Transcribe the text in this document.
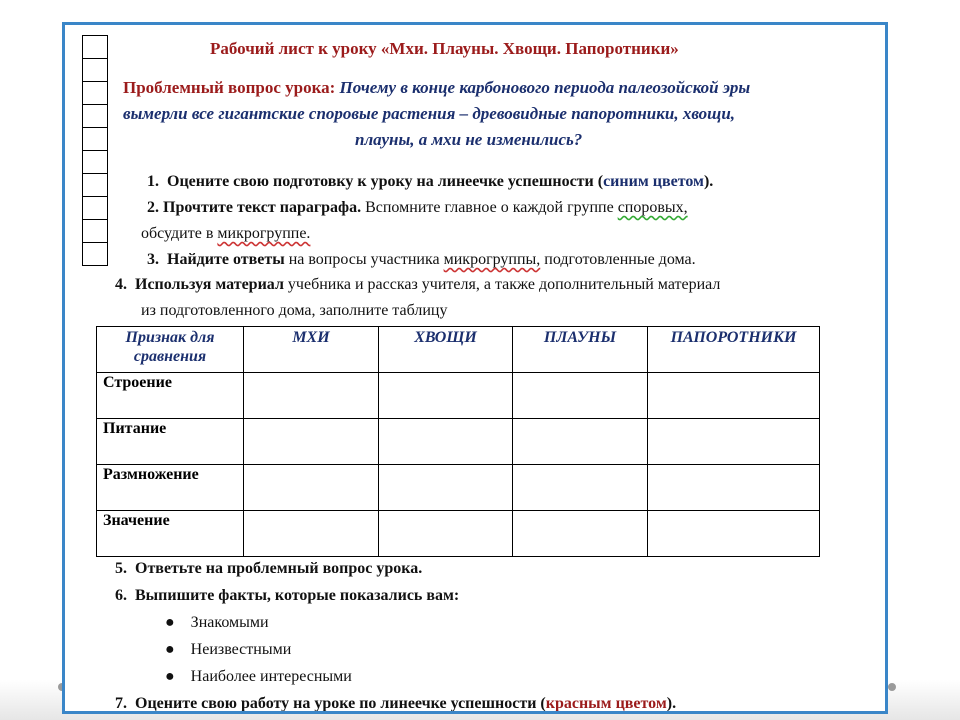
Рабочий лист к уроку «Мхи. Плауны. Хвощи. Папоротники»
Проблемный вопрос урока: Почему в конце карбонового периода палеозойской эры
вымерли все гигантские споровые растения – древовидные папоротники, хвощи,
плауны, а мхи не изменились?
1. Оцените свою подготовку к уроку на линеечке успешности (синим цветом).
2. Прочтите текст параграфа. Вспомните главное о каждой группе споровых,
обсудите в микрогруппе.
3. Найдите ответы на вопросы участника микрогруппы, подготовленные дома.
4. Используя материал учебника и рассказ учителя, а также дополнительный материал
из подготовленного дома, заполните таблицу
Признак для сравнения	МХИ	ХВОЩИ	ПЛАУНЫ	ПАПОРОТНИКИ
Строение				
Питание				
Размножение				
Значение				
5. Ответьте на проблемный вопрос урока.
6. Выпишите факты, которые показались вам:
● Знакомыми
● Неизвестными
● Наиболее интересными
7. Оцените свою работу на уроке по линеечке успешности (красным цветом).
